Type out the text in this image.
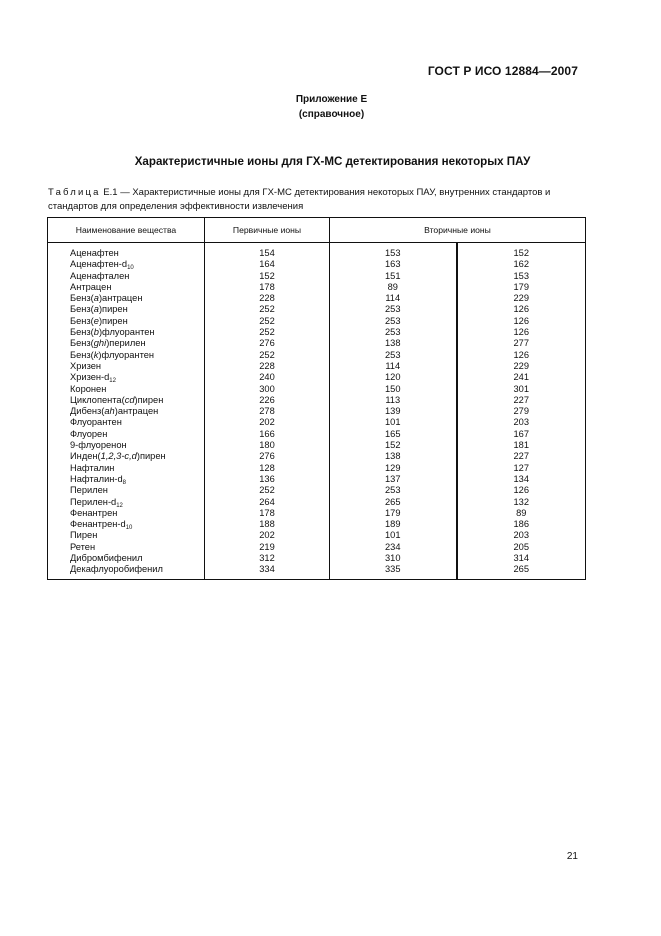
ГОСТ Р ИСО 12884—2007
Приложение Е
(справочное)
Характеристичные ионы для ГХ-МС детектирования некоторых ПАУ
Таблица Е.1 — Характеристичные ионы для ГХ-МС детектирования некоторых ПАУ, внутренних стандартов и стандартов для определения эффективности извлечения
Наименование вещества	Первичные ионы	Вторичные ионы	
Аценафтен	154	153	152
Аценафтен-$d_{10}$	164	163	162
Аценафтален	152	151	153
Антрацен	178	89	179
Бенз(a)антрацен	228	114	229
Бенз(a)пирен	252	253	126
Бенз(e)пирен	252	253	126
Бенз(b)флуорантен	252	253	126
Бенз(ghi)перилен	276	138	277
Бенз(k)флуорантен	252	253	126
Хризен	228	114	229
Хризен-$d_{12}$	240	120	241
Коронен	300	150	301
Циклопента(cd)пирен	226	113	227
Дибенз(ah)антрацен	278	139	279
Флуорантен	202	101	203
Флуорен	166	165	167
9-флуоренон	180	152	181
Инден(1,2,3-c,d)пирен	276	138	227
Нафталин	128	129	127
Нафталин-$d_8$	136	137	134
Перилен	252	253	126
Перилен-$d_{12}$	264	265	132
Фенантрен	178	179	89
Фенантрен-$d_{10}$	188	189	186
Пирен	202	101	203
Ретен	219	234	205
Дибромбифенил	312	310	314
Декафлуоробифенил	334	335	265
21
